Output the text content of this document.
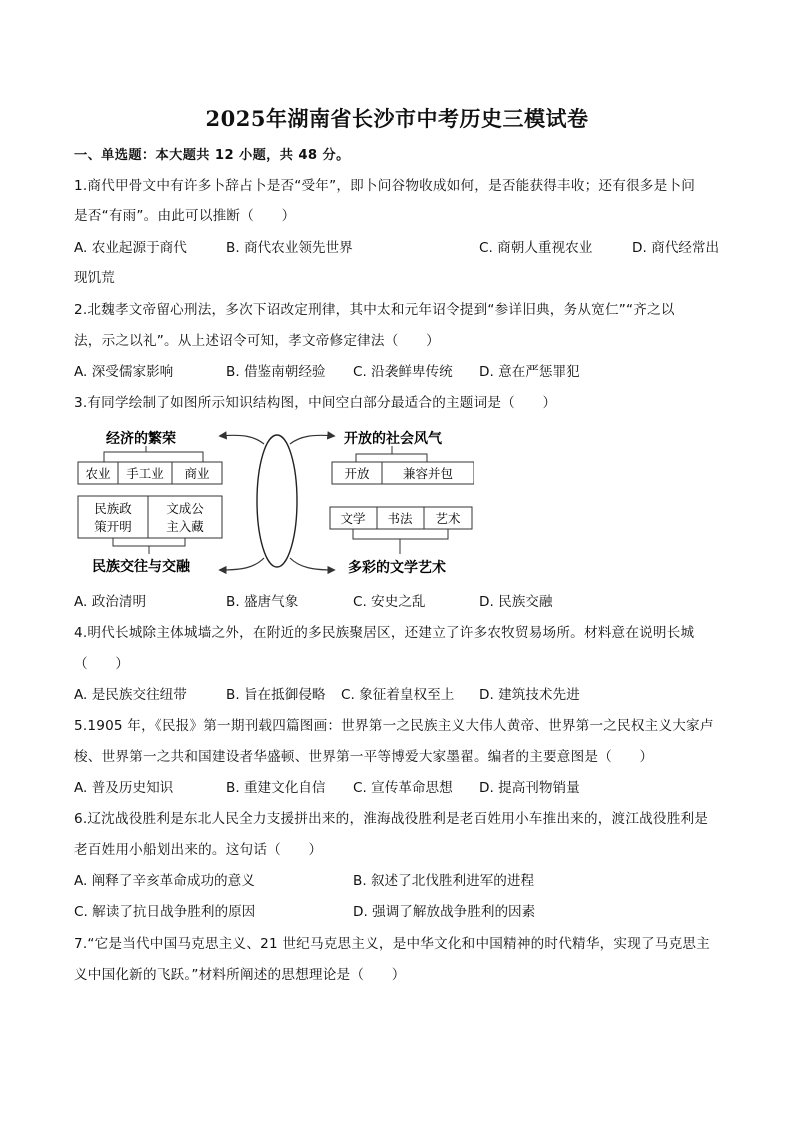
2025年湖南省长沙市中考历史三模试卷
一、单选题：本大题共 12 小题，共 48 分。
1.商代甲骨文中有许多卜辞占卜是否“受年”，即卜问谷物收成如何，是否能获得丰收；还有很多是卜问
是否“有雨”。由此可以推断（　　）
A. 农业起源于商代	B. 商代农业领先世界	C. 商朝人重视农业	D. 商代经常出
现饥荒
2.北魏孝文帝留心刑法，多次下诏改定刑律，其中太和元年诏令提到“参详旧典，务从宽仁”“齐之以
法，示之以礼”。从上述诏令可知，孝文帝修定律法（　　）
A. 深受儒家影响	B. 借鉴南朝经验 C. 沿袭鲜卑传统 D. 意在严惩罪犯
3.有同学绘制了如图所示知识结构图，中间空白部分最适合的主题词是（　　）
经济的繁荣
农业 手工业 商业
民族政
策开明
文成公
主入藏
民族交往与交融
开放的社会风气
开放	兼容并包
文学 书法 艺术
多彩的文学艺术
A. 政治清明	B. 盛唐气象	C. 安史之乱	D. 民族交融
4.明代长城除主体城墙之外，在附近的多民族聚居区，还建立了许多农牧贸易场所。材料意在说明长城
（　　）
A. 是民族交往纽带	B. 旨在抵御侵略 C. 象征着皇权至上 D. 建筑技术先进
5.1905 年，《民报》第一期刊载四篇图画：世界第一之民族主义大伟人黄帝、世界第一之民权主义大家卢
梭、世界第一之共和国建设者华盛顿、世界第一平等博爱大家墨翟。编者的主要意图是（　　）
A. 普及历史知识	B. 重建文化自信 C. 宣传革命思想 D. 提高刊物销量
6.辽沈战役胜利是东北人民全力支援拼出来的，淮海战役胜利是老百姓用小车推出来的，渡江战役胜利是
老百姓用小船划出来的。这句话（　　）
A. 阐释了辛亥革命成功的意义	B. 叙述了北伐胜利进军的进程
C. 解读了抗日战争胜利的原因	D. 强调了解放战争胜利的因素
7.“它是当代中国马克思主义、21 世纪马克思主义，是中华文化和中国精神的时代精华，实现了马克思主
义中国化新的飞跃。”材料所阐述的思想理论是（　　）
